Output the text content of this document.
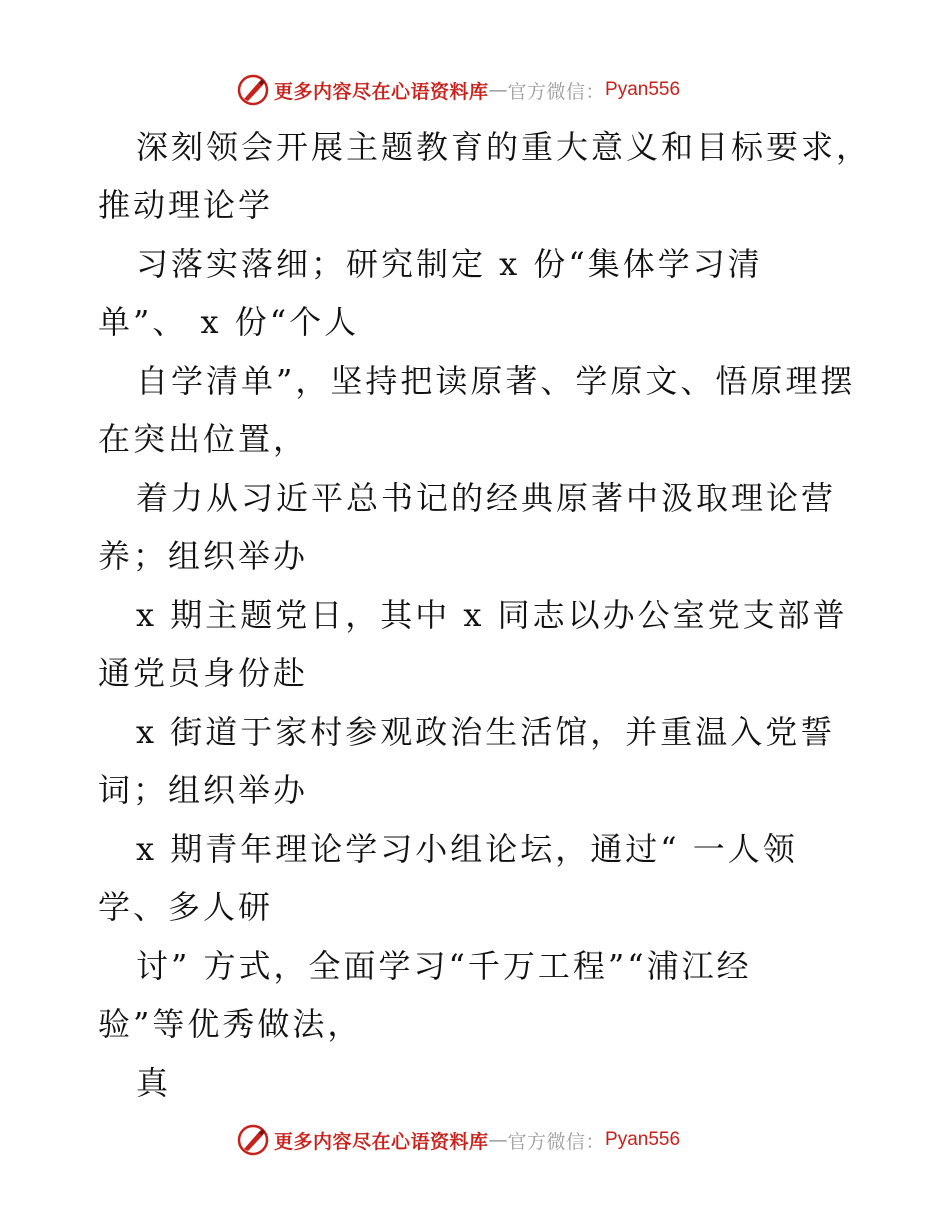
更多内容尽在心语资料库 — 官方微信： Pyan556
深刻领会开展主题教育的重大意义和目标要求，
推动理论学
习落实落细；研究制定 x 份“集体学习清
单”、 x 份“个人
自学清单”，坚持把读原著、学原文、悟原理摆
在突出位置，
着力从习近平总书记的经典原著中汲取理论营
养；组织举办
x 期主题党日，其中 x 同志以办公室党支部普
通党员身份赴
x 街道于家村参观政治生活馆，并重温入党誓
词；组织举办
x 期青年理论学习小组论坛，通过“ 一人领
学、多人研
讨” 方式，全面学习“千万工程”“浦江经
验”等优秀做法，
真
更多内容尽在心语资料库 — 官方微信： Pyan556
